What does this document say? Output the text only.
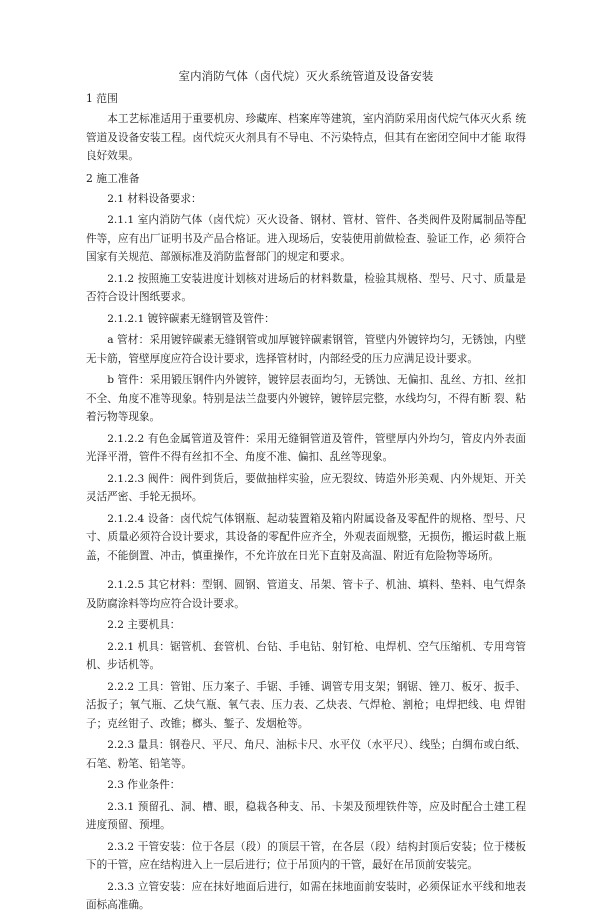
室内消防气体（卤代烷）灭火系统管道及设备安装
1 范围

本工艺标准适用于重要机房、珍藏库、档案库等建筑，室内消防采用卤代烷气体灭火系 统管道及设备安装工程。卤代烷灭火剂具有不导电、不污染特点，但其有在密闭空间中才能 取得良好效果。

2 施工准备

2.1 材料设备要求：

2.1.1 室内消防气体（卤代烷）灭火设备、钢材、管材、管件、各类阀件及附属制品等配件等，应有出厂证明书及产品合格证。进入现场后，安装使用前做检查、验证工作，必 须符合国家有关规范、部颁标准及消防监督部门的规定和要求。

2.1.2 按照施工安装进度计划核对进场后的材料数量，检验其规格、型号、尺寸、质量是否符合设计图纸要求。

2.1.2.1 镀锌碳素无缝钢管及管件：

a 管材：采用镀锌碳素无缝钢管或加厚镀锌碳素钢管，管壁内外镀锌均匀，无锈蚀，内壁无卡筋，管壁厚度应符合设计要求，选择管材时，内部经受的压力应满足设计要求。

b 管件：采用锻压钢件内外镀锌，镀锌层表面均匀，无锈蚀、无偏扣、乱丝、方扣、丝扣不全、角度不准等现象。特别是法兰盘要内外镀锌，镀锌层完整，水线均匀，不得有断 裂、粘着污物等现象。

2.1.2.2 有色金属管道及管件：采用无缝铜管道及管件，管壁厚内外均匀，管皮内外表面光泽平滑，管件不得有丝扣不全、角度不准、偏扣、乱丝等现象。

2.1.2.3 阀件：阀件到货后，要做抽样实验，应无裂纹、铸造外形美观、内外规矩、开关灵活严密、手轮无损坏。

2.1.2.4 设备：卤代烷气体钢瓶、起动装置箱及箱内附属设备及零配件的规格、型号、尺寸、质量必须符合设计要求，其设备的零配件应齐全，外观表面规整，无损伤，搬运时截上瓶盖，不能倒置、冲击，慎重操作，不允许放在日光下直射及高温、附近有危险物等场所。

2.1.2.5 其它材料：型钢、圆钢、管道支、吊架、管卡子、机油、填料、垫料、电气焊条及防腐涂料等均应符合设计要求。

2.2 主要机具：

2.2.1 机具：锯管机、套管机、台钻、手电钻、射钉枪、电焊机、空气压缩机、专用弯管机、步话机等。

2.2.2 工具：管钳、压力案子、手锯、手锤、调管专用支架；钢锯、锉刀、板牙、扳手、活扳子；氧气瓶、乙炔气瓶、氧气表、压力表、乙炔表、气焊枪、割枪；电焊把线、电 焊钳子；克丝钳子、改锥；榔头、錾子、发烟枪等。

2.2.3 量具：钢卷尺、平尺、角尺、油标卡尺、水平仪（水平尺）、线坠；白绸布或白纸、石笔、粉笔、铅笔等。

2.3 作业条件：

2.3.1 预留孔、洞、槽、眼，稳栽各种支、吊、卡架及预埋铁件等，应及时配合土建工程进度预留、预埋。

2.3.2 干管安装：位于各层（段）的顶层干管，在各层（段）结构封顶后安装；位于楼板下的干管，应在结构进入上一层后进行；位于吊顶内的干管，最好在吊顶前安装完。

2.3.3 立管安装：应在抹好地面后进行，如需在抹地面前安装时，必须保证水平线和地表面标高准确。
